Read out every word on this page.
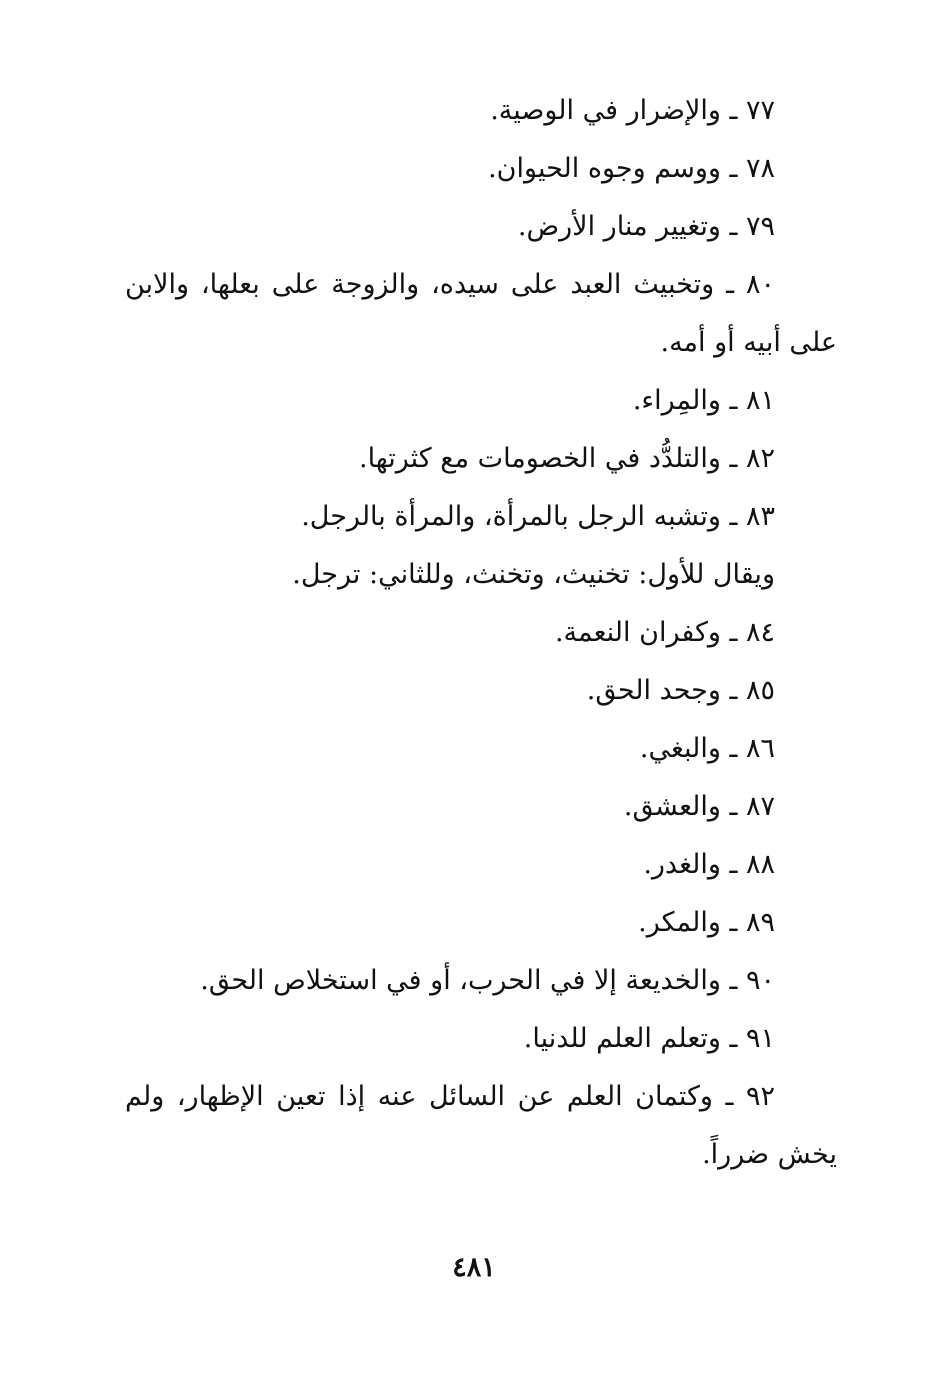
٧٧ ـ والإضرار في الوصية.

٧٨ ـ ووسم وجوه الحيوان.

٧٩ ـ وتغيير منار الأرض.

٨٠ ـ وتخبيث العبد على سيده، والزوجة على بعلها، والابن على أبيه أو أمه.

٨١ ـ والمِراء.

٨٢ ـ والتلدُّد في الخصومات مع كثرتها.

٨٣ ـ وتشبه الرجل بالمرأة، والمرأة بالرجل.

ويقال للأول: تخنيث، وتخنث، وللثاني: ترجل.

٨٤ ـ وكفران النعمة.

٨٥ ـ وجحد الحق.

٨٦ ـ والبغي.

٨٧ ـ والعشق.

٨٨ ـ والغدر.

٨٩ ـ والمكر.

٩٠ ـ والخديعة إلا في الحرب، أو في استخلاص الحق.

٩١ ـ وتعلم العلم للدنيا.

٩٢ ـ وكتمان العلم عن السائل عنه إذا تعين الإظهار، ولم يخش ضرراً.

٤٨١
